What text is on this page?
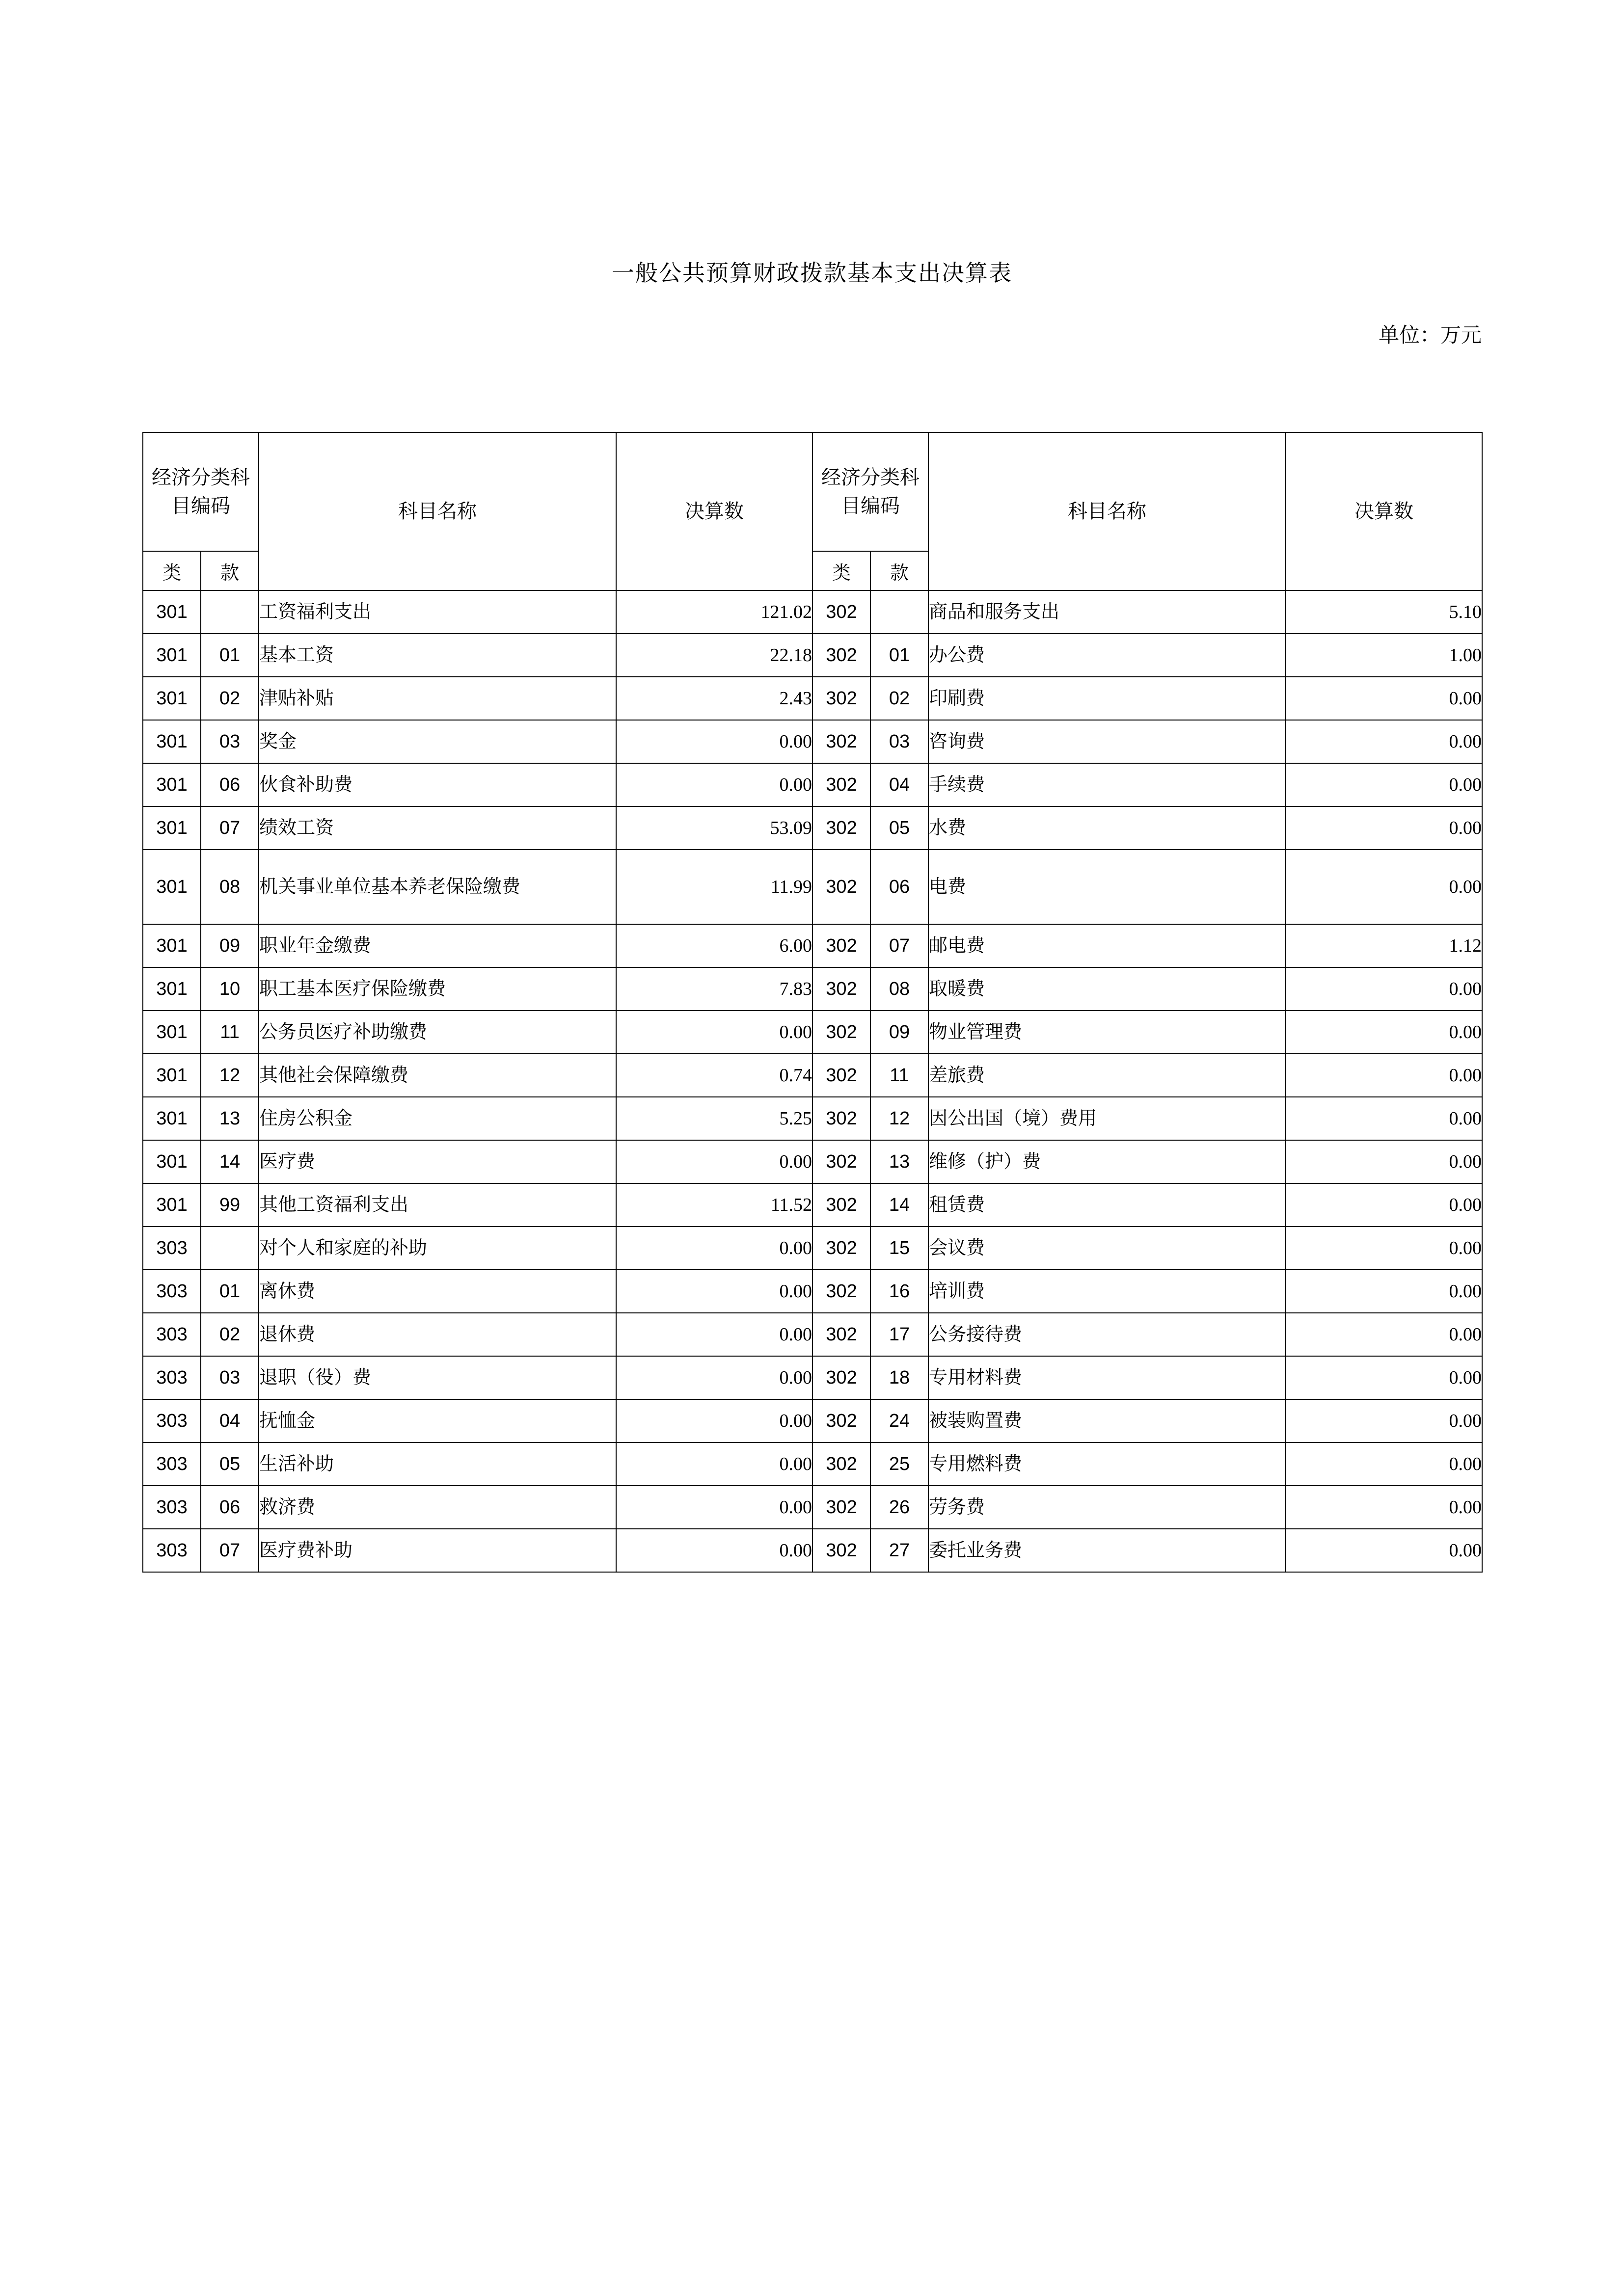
一般公共预算财政拨款基本支出决算表
单位：万元
经济分类科目编码		科目名称	决算数	经济分类科目编码		科目名称	决算数
类	款			类	款		
301		工资福利支出	121.02	302		商品和服务支出	5.10
301	01	基本工资	22.18	302	01	办公费	1.00
301	02	津贴补贴	2.43	302	02	印刷费	0.00
301	03	奖金	0.00	302	03	咨询费	0.00
301	06	伙食补助费	0.00	302	04	手续费	0.00
301	07	绩效工资	53.09	302	05	水费	0.00
301	08	机关事业单位基本养老保险缴费	11.99	302	06	电费	0.00
301	09	职业年金缴费	6.00	302	07	邮电费	1.12
301	10	职工基本医疗保险缴费	7.83	302	08	取暖费	0.00
301	11	公务员医疗补助缴费	0.00	302	09	物业管理费	0.00
301	12	其他社会保障缴费	0.74	302	11	差旅费	0.00
301	13	住房公积金	5.25	302	12	因公出国（境）费用	0.00
301	14	医疗费	0.00	302	13	维修（护）费	0.00
301	99	其他工资福利支出	11.52	302	14	租赁费	0.00
303		对个人和家庭的补助	0.00	302	15	会议费	0.00
303	01	离休费	0.00	302	16	培训费	0.00
303	02	退休费	0.00	302	17	公务接待费	0.00
303	03	退职（役）费	0.00	302	18	专用材料费	0.00
303	04	抚恤金	0.00	302	24	被装购置费	0.00
303	05	生活补助	0.00	302	25	专用燃料费	0.00
303	06	救济费	0.00	302	26	劳务费	0.00
303	07	医疗费补助	0.00	302	27	委托业务费	0.00
